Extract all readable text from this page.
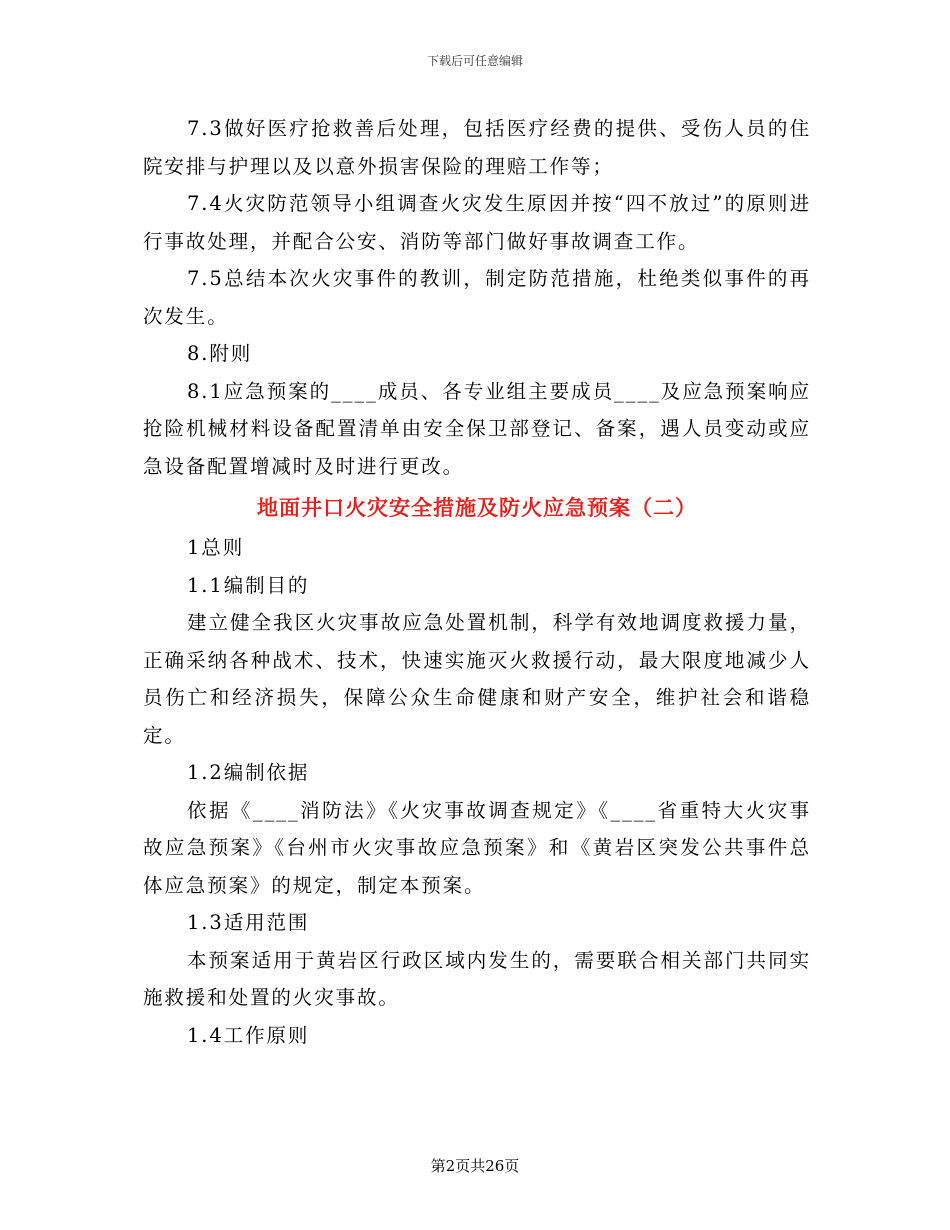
下载后可任意编辑

7.3做好医疗抢救善后处理，包括医疗经费的提供、受伤人员的住院安排与护理以及以意外损害保险的理赔工作等；

7.4火灾防范领导小组调查火灾发生原因并按“四不放过”的原则进行事故处理，并配合公安、消防等部门做好事故调查工作。

7.5总结本次火灾事件的教训，制定防范措施，杜绝类似事件的再次发生。

8.附则

8.1应急预案的____成员、各专业组主要成员____及应急预案响应抢险机械材料设备配置清单由安全保卫部登记、备案，遇人员变动或应急设备配置增减时及时进行更改。

地面井口火灾安全措施及防火应急预案（二）

1总则

1.1编制目的

建立健全我区火灾事故应急处置机制，科学有效地调度救援力量，正确采纳各种战术、技术，快速实施灭火救援行动，最大限度地减少人员伤亡和经济损失，保障公众生命健康和财产安全，维护社会和谐稳定。

1.2编制依据

依据《____消防法》《火灾事故调查规定》《____省重特大火灾事故应急预案》《台州市火灾事故应急预案》和《黄岩区突发公共事件总体应急预案》的规定，制定本预案。

1.3适用范围

本预案适用于黄岩区行政区域内发生的，需要联合相关部门共同实施救援和处置的火灾事故。

1.4工作原则

第2页共26页
